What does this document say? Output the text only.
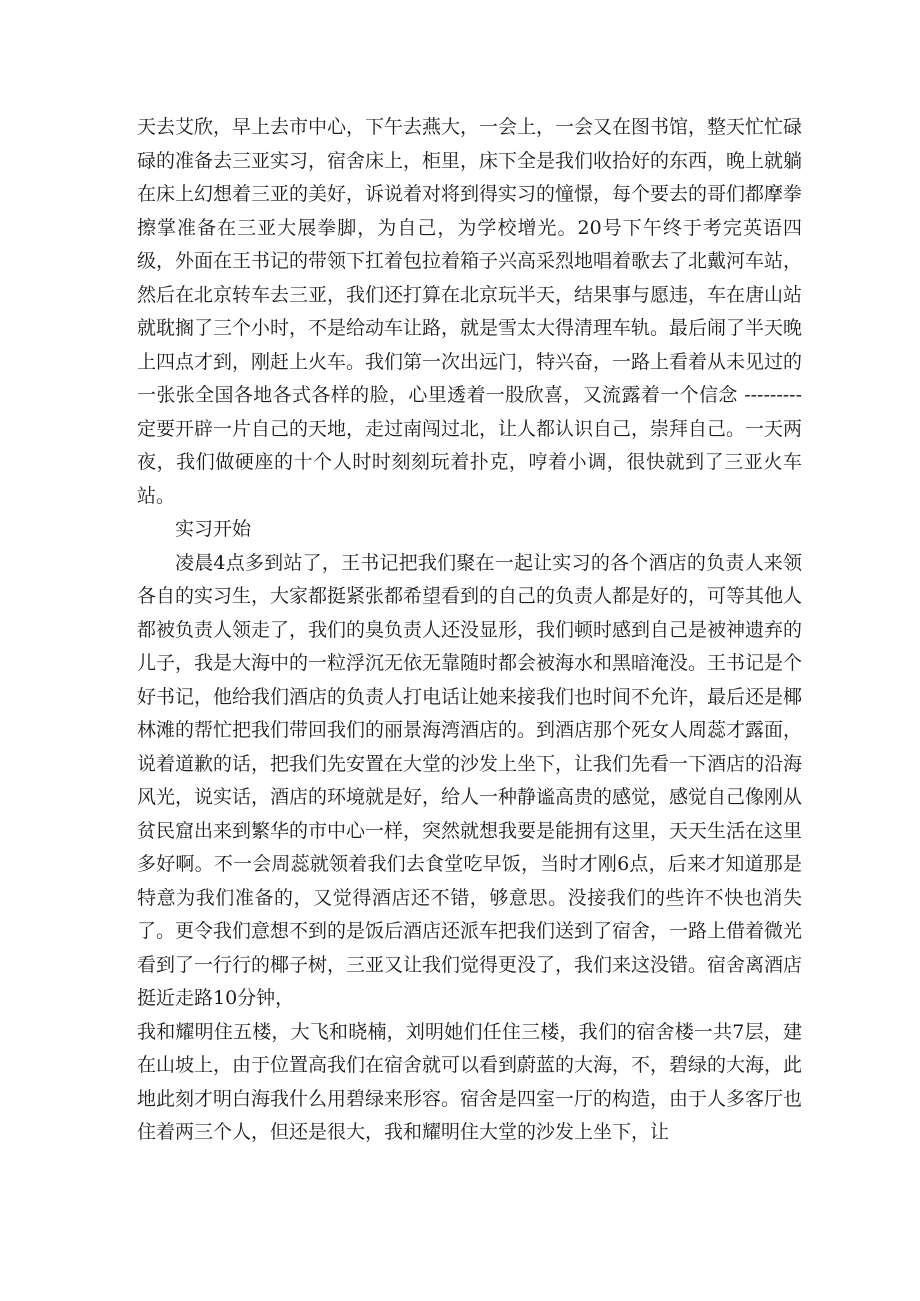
天去艾欣，早上去市中心，下午去燕大，一会上，一会又在图书馆，整天忙忙碌碌的准备去三亚实习，宿舍床上，柜里，床下全是我们收拾好的东西，晚上就躺在床上幻想着三亚的美好，诉说着对将到得实习的憧憬，每个要去的哥们都摩拳擦掌准备在三亚大展拳脚，为自己，为学校增光。20号下午终于考完英语四级，外面在王书记的带领下扛着包拉着箱子兴高采烈地唱着歌去了北戴河车站，然后在北京转车去三亚，我们还打算在北京玩半天，结果事与愿违，车在唐山站就耽搁了三个小时，不是给动车让路，就是雪太大得清理车轨。最后闹了半天晚上四点才到，刚赶上火车。我们第一次出远门，特兴奋，一路上看着从未见过的一张张全国各地各式各样的脸，心里透着一股欣喜，又流露着一个信念 ---------定要开辟一片自己的天地，走过南闯过北，让人都认识自己，崇拜自己。一天两夜，我们做硬座的十个人时时刻刻玩着扑克，哼着小调，很快就到了三亚火车站。

实习开始

凌晨4点多到站了，王书记把我们聚在一起让实习的各个酒店的负责人来领各自的实习生，大家都挺紧张都希望看到的自己的负责人都是好的，可等其他人都被负责人领走了，我们的臭负责人还没显形，我们顿时感到自己是被神遗弃的儿子，我是大海中的一粒浮沉无依无靠随时都会被海水和黑暗淹没。王书记是个好书记，他给我们酒店的负责人打电话让她来接我们也时间不允许，最后还是椰林滩的帮忙把我们带回我们的丽景海湾酒店的。到酒店那个死女人周蕊才露面，说着道歉的话，把我们先安置在大堂的沙发上坐下，让我们先看一下酒店的沿海风光，说实话，酒店的环境就是好，给人一种静谧高贵的感觉，感觉自己像刚从贫民窟出来到繁华的市中心一样，突然就想我要是能拥有这里，天天生活在这里多好啊。不一会周蕊就领着我们去食堂吃早饭，当时才刚6点，后来才知道那是特意为我们准备的，又觉得酒店还不错，够意思。没接我们的些许不快也消失了。更令我们意想不到的是饭后酒店还派车把我们送到了宿舍，一路上借着微光看到了一行行的椰子树，三亚又让我们觉得更没了，我们来这没错。宿舍离酒店挺近走路10分钟，

我和耀明住五楼，大飞和晓楠，刘明她们任住三楼，我们的宿舍楼一共7层，建在山坡上，由于位置高我们在宿舍就可以看到蔚蓝的大海，不，碧绿的大海，此地此刻才明白海我什么用碧绿来形容。宿舍是四室一厅的构造，由于人多客厅也住着两三个人，但还是很大，我和耀明住大堂的沙发上坐下，让
